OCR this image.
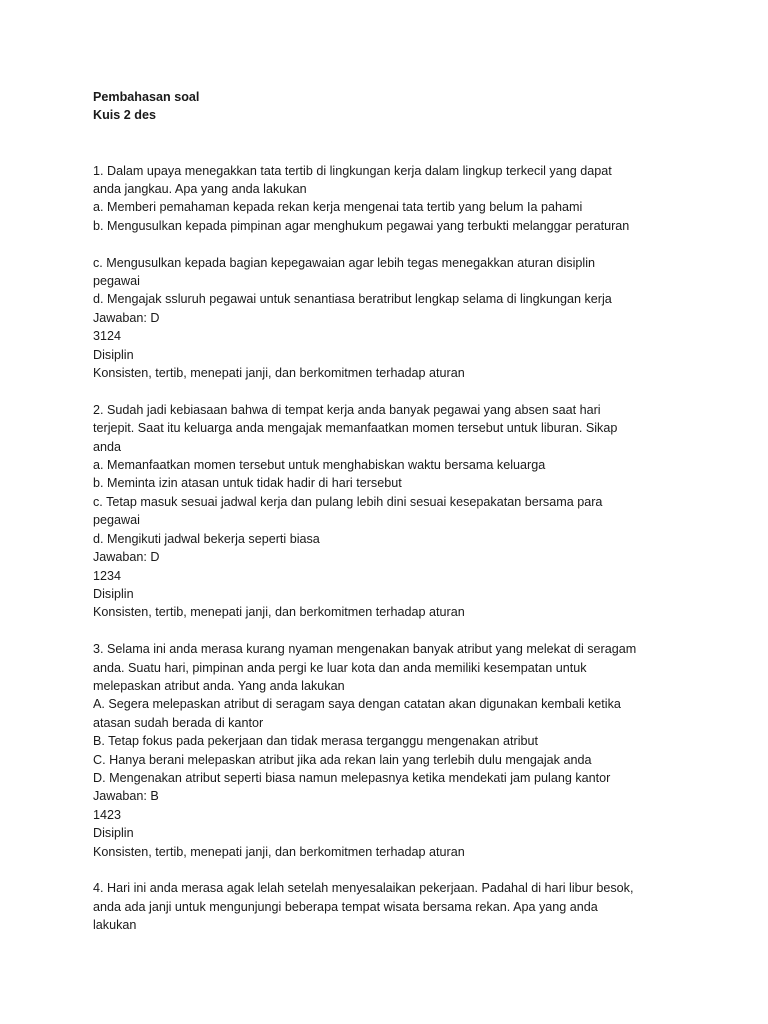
Pembahasan soal
Kuis 2 des
1. Dalam upaya menegakkan tata tertib di lingkungan kerja dalam lingkup terkecil yang dapat
anda jangkau. Apa yang anda lakukan
a. Memberi pemahaman kepada rekan kerja mengenai tata tertib yang belum Ia pahami
b. Mengusulkan kepada pimpinan agar menghukum pegawai yang terbukti melanggar peraturan
c. Mengusulkan kepada bagian kepegawaian agar lebih tegas menegakkan aturan disiplin
pegawai
d. Mengajak ssluruh pegawai untuk senantiasa beratribut lengkap selama di lingkungan kerja
Jawaban: D
3124
Disiplin
Konsisten, tertib, menepati janji, dan berkomitmen terhadap aturan
2. Sudah jadi kebiasaan bahwa di tempat kerja anda banyak pegawai yang absen saat hari
terjepit. Saat itu keluarga anda mengajak memanfaatkan momen tersebut untuk liburan. Sikap
anda
a. Memanfaatkan momen tersebut untuk menghabiskan waktu bersama keluarga
b. Meminta izin atasan untuk tidak hadir di hari tersebut
c. Tetap masuk sesuai jadwal kerja dan pulang lebih dini sesuai kesepakatan bersama para
pegawai
d. Mengikuti jadwal bekerja seperti biasa
Jawaban: D
1234
Disiplin
Konsisten, tertib, menepati janji, dan berkomitmen terhadap aturan
3. Selama ini anda merasa kurang nyaman mengenakan banyak atribut yang melekat di seragam
anda. Suatu hari, pimpinan anda pergi ke luar kota dan anda memiliki kesempatan untuk
melepaskan atribut anda. Yang anda lakukan
A. Segera melepaskan atribut di seragam saya dengan catatan akan digunakan kembali ketika
atasan sudah berada di kantor
B. Tetap fokus pada pekerjaan dan tidak merasa terganggu mengenakan atribut
C. Hanya berani melepaskan atribut jika ada rekan lain yang terlebih dulu mengajak anda
D. Mengenakan atribut seperti biasa namun melepasnya ketika mendekati jam pulang kantor
Jawaban: B
1423
Disiplin
Konsisten, tertib, menepati janji, dan berkomitmen terhadap aturan
4. Hari ini anda merasa agak lelah setelah menyesalaikan pekerjaan. Padahal di hari libur besok,
anda ada janji untuk mengunjungi beberapa tempat wisata bersama rekan. Apa yang anda
lakukan
